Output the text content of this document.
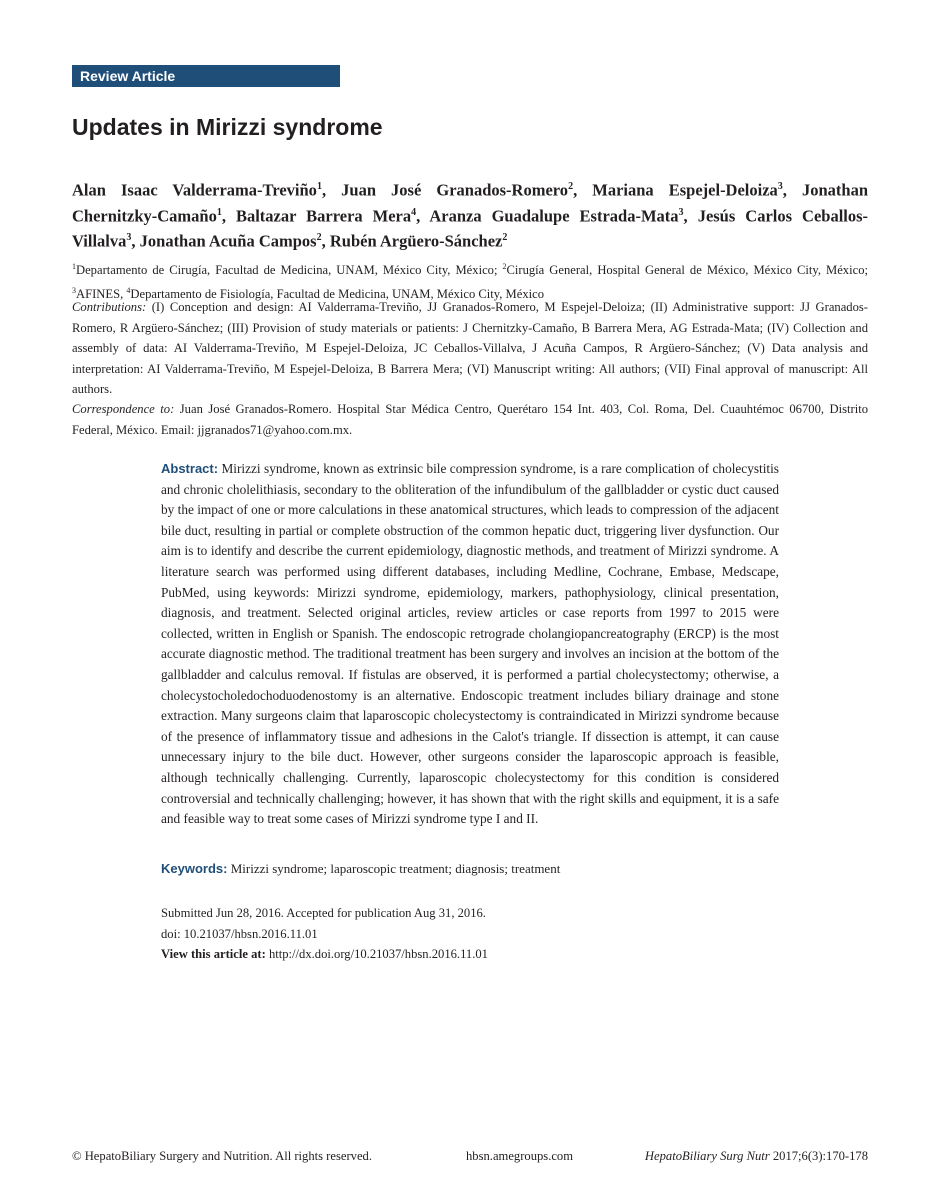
Review Article
Updates in Mirizzi syndrome

Alan Isaac Valderrama-Treviño$^1$, Juan José Granados-Romero$^2$, Mariana Espejel-Deloiza$^3$, Jonathan Chernitzky-Camaño$^1$, Baltazar Barrera Mera$^4$, Aranza Guadalupe Estrada-Mata$^3$, Jesús Carlos Ceballos-Villalva$^3$, Jonathan Acuña Campos$^2$, Rubén Argüero-Sánchez$^2$

$^1$Departamento de Cirugía, Facultad de Medicina, UNAM, México City, México; $^2$Cirugía General, Hospital General de México, México City, México; $^3$AFINES, $^4$Departamento de Fisiología, Facultad de Medicina, UNAM, México City, México

Contributions: (I) Conception and design: AI Valderrama-Treviño, JJ Granados-Romero, M Espejel-Deloiza; (II) Administrative support: JJ Granados-Romero, R Argüero-Sánchez; (III) Provision of study materials or patients: J Chernitzky-Camaño, B Barrera Mera, AG Estrada-Mata; (IV) Collection and assembly of data: AI Valderrama-Treviño, M Espejel-Deloiza, JC Ceballos-Villalva, J Acuña Campos, R Argüero-Sánchez; (V) Data analysis and interpretation: AI Valderrama-Treviño, M Espejel-Deloiza, B Barrera Mera; (VI) Manuscript writing: All authors; (VII) Final approval of manuscript: All authors.

Correspondence to: Juan José Granados-Romero. Hospital Star Médica Centro, Querétaro 154 Int. 403, Col. Roma, Del. Cuauhtémoc 06700, Distrito Federal, México. Email: jjgranados71@yahoo.com.mx.

Abstract: Mirizzi syndrome, known as extrinsic bile compression syndrome, is a rare complication of cholecystitis and chronic cholelithiasis, secondary to the obliteration of the infundibulum of the gallbladder or cystic duct caused by the impact of one or more calculations in these anatomical structures, which leads to compression of the adjacent bile duct, resulting in partial or complete obstruction of the common hepatic duct, triggering liver dysfunction. Our aim is to identify and describe the current epidemiology, diagnostic methods, and treatment of Mirizzi syndrome. A literature search was performed using different databases, including Medline, Cochrane, Embase, Medscape, PubMed, using keywords: Mirizzi syndrome, epidemiology, markers, pathophysiology, clinical presentation, diagnosis, and treatment. Selected original articles, review articles or case reports from 1997 to 2015 were collected, written in English or Spanish. The endoscopic retrograde cholangiopancreatography (ERCP) is the most accurate diagnostic method. The traditional treatment has been surgery and involves an incision at the bottom of the gallbladder and calculus removal. If fistulas are observed, it is performed a partial cholecystectomy; otherwise, a cholecystocholedochoduodenostomy is an alternative. Endoscopic treatment includes biliary drainage and stone extraction. Many surgeons claim that laparoscopic cholecystectomy is contraindicated in Mirizzi syndrome because of the presence of inflammatory tissue and adhesions in the Calot's triangle. If dissection is attempt, it can cause unnecessary injury to the bile duct. However, other surgeons consider the laparoscopic approach is feasible, although technically challenging. Currently, laparoscopic cholecystectomy for this condition is considered controversial and technically challenging; however, it has shown that with the right skills and equipment, it is a safe and feasible way to treat some cases of Mirizzi syndrome type I and II.

Keywords: Mirizzi syndrome; laparoscopic treatment; diagnosis; treatment

Submitted Jun 28, 2016. Accepted for publication Aug 31, 2016.
doi: 10.21037/hbsn.2016.11.01
View this article at: http://dx.doi.org/10.21037/hbsn.2016.11.01
© HepatoBiliary Surgery and Nutrition. All rights reserved.	hbsn.amegroups.com	HepatoBiliary Surg Nutr 2017;6(3):170-178
